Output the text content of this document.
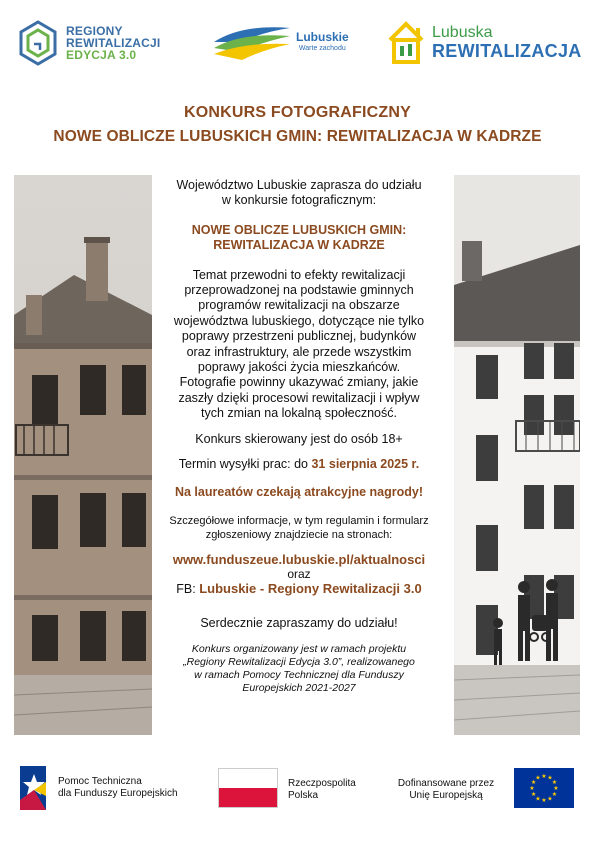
REGIONY
REWITALIZACJI
EDYCJA 3.0
Lubuskie
Warte zachodu
Lubuska
REWITALIZACJA
KONKURS FOTOGRAFICZNY
NOWE OBLICZE LUBUSKICH GMIN: REWITALIZACJA W KADRZE
Województwo Lubuskie zaprasza do udziału
w konkursie fotograficznym:
NOWE OBLICZE LUBUSKICH GMIN:
REWITALIZACJA W KADRZE
Temat przewodni to efekty rewitalizacji
przeprowadzonej na podstawie gminnych
programów rewitalizacji na obszarze
województwa lubuskiego, dotyczące nie tylko
poprawy przestrzeni publicznej, budynków
oraz infrastruktury, ale przede wszystkim
poprawy jakości życia mieszkańców.
Fotografie powinny ukazywać zmiany, jakie
zaszły dzięki procesowi rewitalizacji i wpływ
tych zmian na lokalną społeczność.
Konkurs skierowany jest do osób 18+
Termin wysyłki prac: do 31 sierpnia 2025 r.
Na laureatów czekają atrakcyjne nagrody!
Szczegółowe informacje, w tym regulamin i formularz
zgłoszeniowy znajdziecie na stronach:
www.funduszeue.lubuskie.pl/aktualnosci
oraz
FB: Lubuskie - Regiony Rewitalizacji 3.0
Serdecznie zapraszamy do udziału!
Konkurs organizowany jest w ramach projektu
„Regiony Rewitalizacji Edycja 3.0”, realizowanego
w ramach Pomocy Technicznej dla Funduszy
Europejskich 2021-2027
Pomoc Techniczna
dla Funduszy Europejskich
Rzeczpospolita
Polska
Dofinansowane przez
Unię Europejską
★
★
★
★
★
★
★
★
★ ★ ★
★
